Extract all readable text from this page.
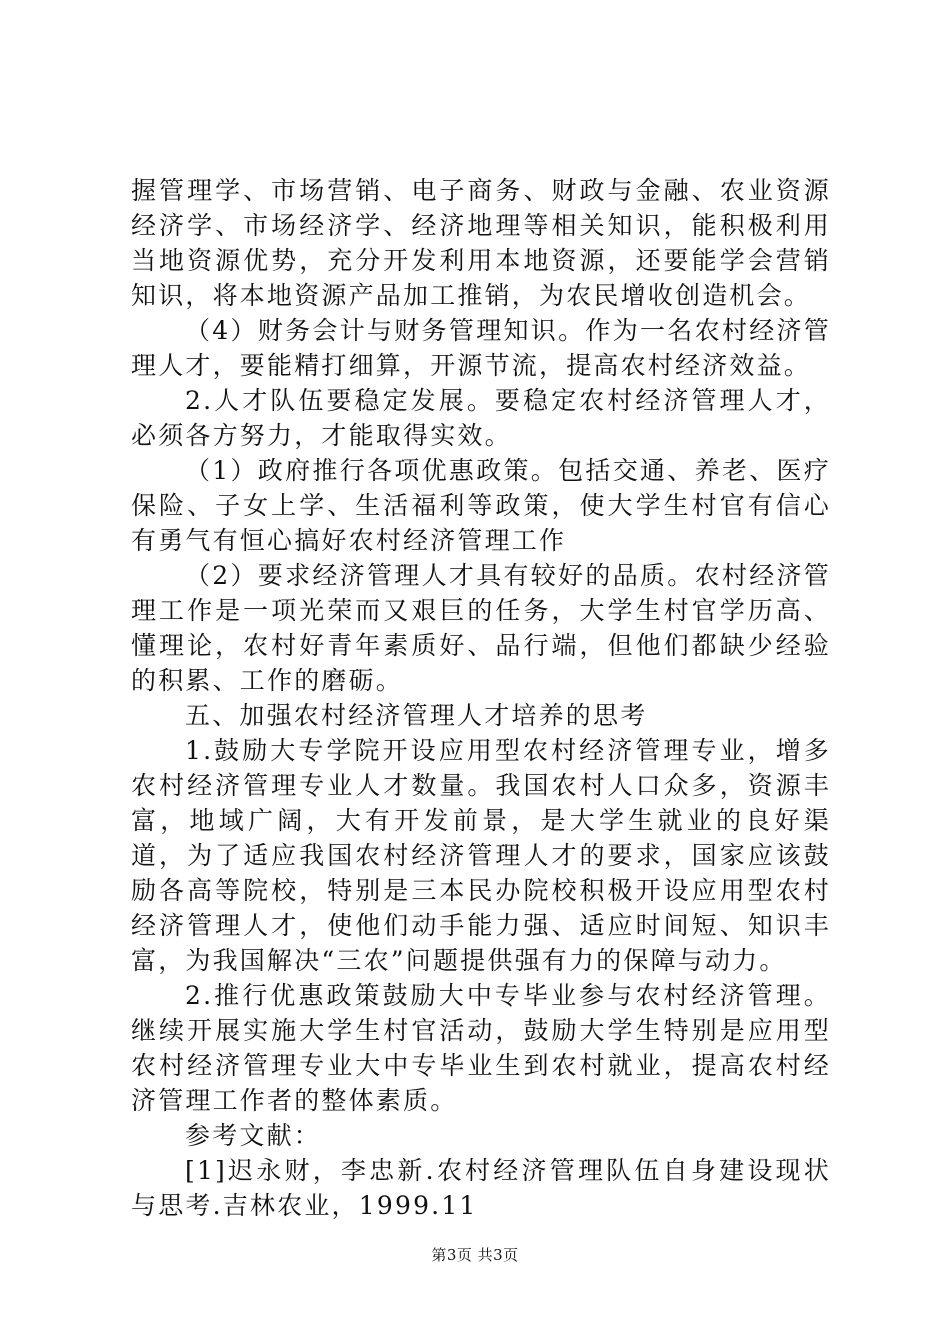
握管理学、市场营销、电子商务、财政与金融、农业资源经济学、市场经济学、经济地理等相关知识，能积极利用当地资源优势，充分开发利用本地资源，还要能学会营销知识，将本地资源产品加工推销，为农民增收创造机会。

（4）财务会计与财务管理知识。作为一名农村经济管理人才，要能精打细算，开源节流，提高农村经济效益。

2.人才队伍要稳定发展。要稳定农村经济管理人才，必须各方努力，才能取得实效。

（1）政府推行各项优惠政策。包括交通、养老、医疗保险、子女上学、生活福利等政策，使大学生村官有信心有勇气有恒心搞好农村经济管理工作

（2）要求经济管理人才具有较好的品质。农村经济管理工作是一项光荣而又艰巨的任务，大学生村官学历高、懂理论，农村好青年素质好、品行端，但他们都缺少经验的积累、工作的磨砺。

五、加强农村经济管理人才培养的思考

1.鼓励大专学院开设应用型农村经济管理专业，增多农村经济管理专业人才数量。我国农村人口众多，资源丰富，地域广阔，大有开发前景，是大学生就业的良好渠道，为了适应我国农村经济管理人才的要求，国家应该鼓励各高等院校，特别是三本民办院校积极开设应用型农村经济管理人才，使他们动手能力强、适应时间短、知识丰富，为我国解决“三农”问题提供强有力的保障与动力。

2.推行优惠政策鼓励大中专毕业参与农村经济管理。继续开展实施大学生村官活动，鼓励大学生特别是应用型农村经济管理专业大中专毕业生到农村就业，提高农村经济管理工作者的整体素质。

参考文献：

[1]迟永财，李忠新.农村经济管理队伍自身建设现状与思考.吉林农业，1999.11

第3页 共3页
